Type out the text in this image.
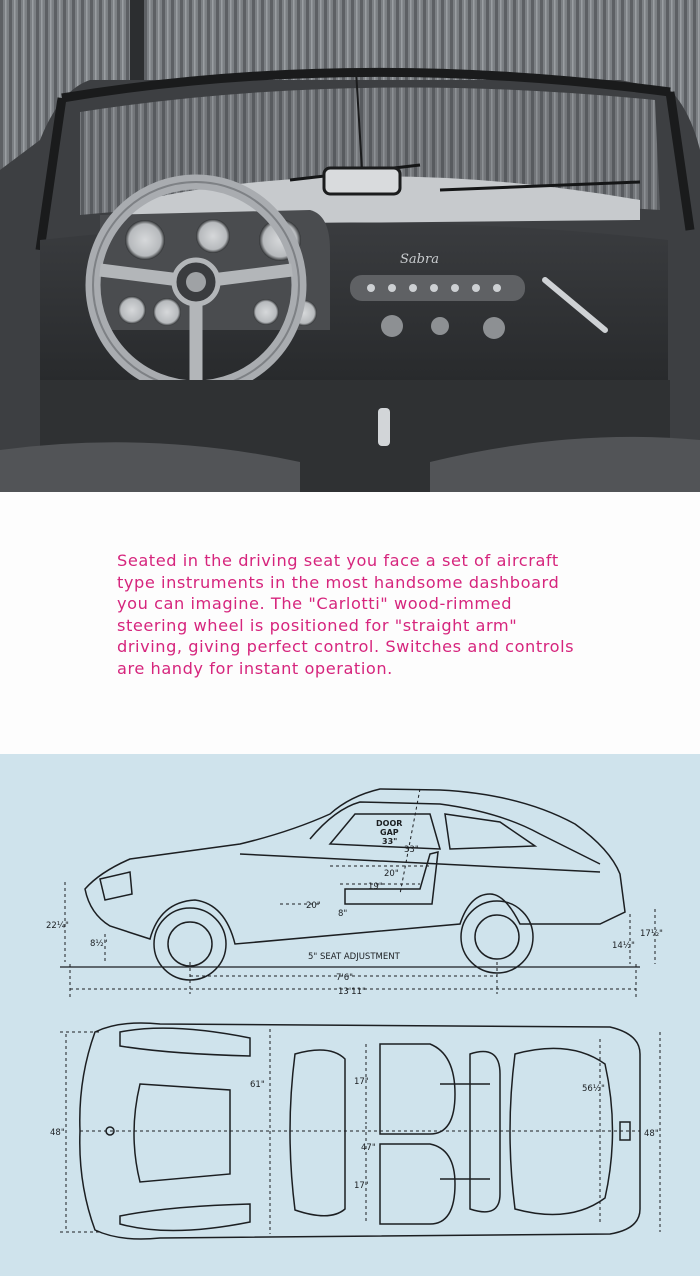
Sabra

Seated in the driving seat you face a set of aircraft
type instruments in the most handsome dashboard
you can imagine. The "Carlotti" wood-rimmed
steering wheel is positioned for "straight arm"
driving, giving perfect control. Switches and controls
are handy for instant operation.

DOOR
GAP
33"
33"
20"
19"
20"
8"
22¼"
8½"	14½"
17½"
5" SEAT ADJUSTMENT
7'6"
13'11"
48"
61"	17"
17"
47"
56½"
48"
